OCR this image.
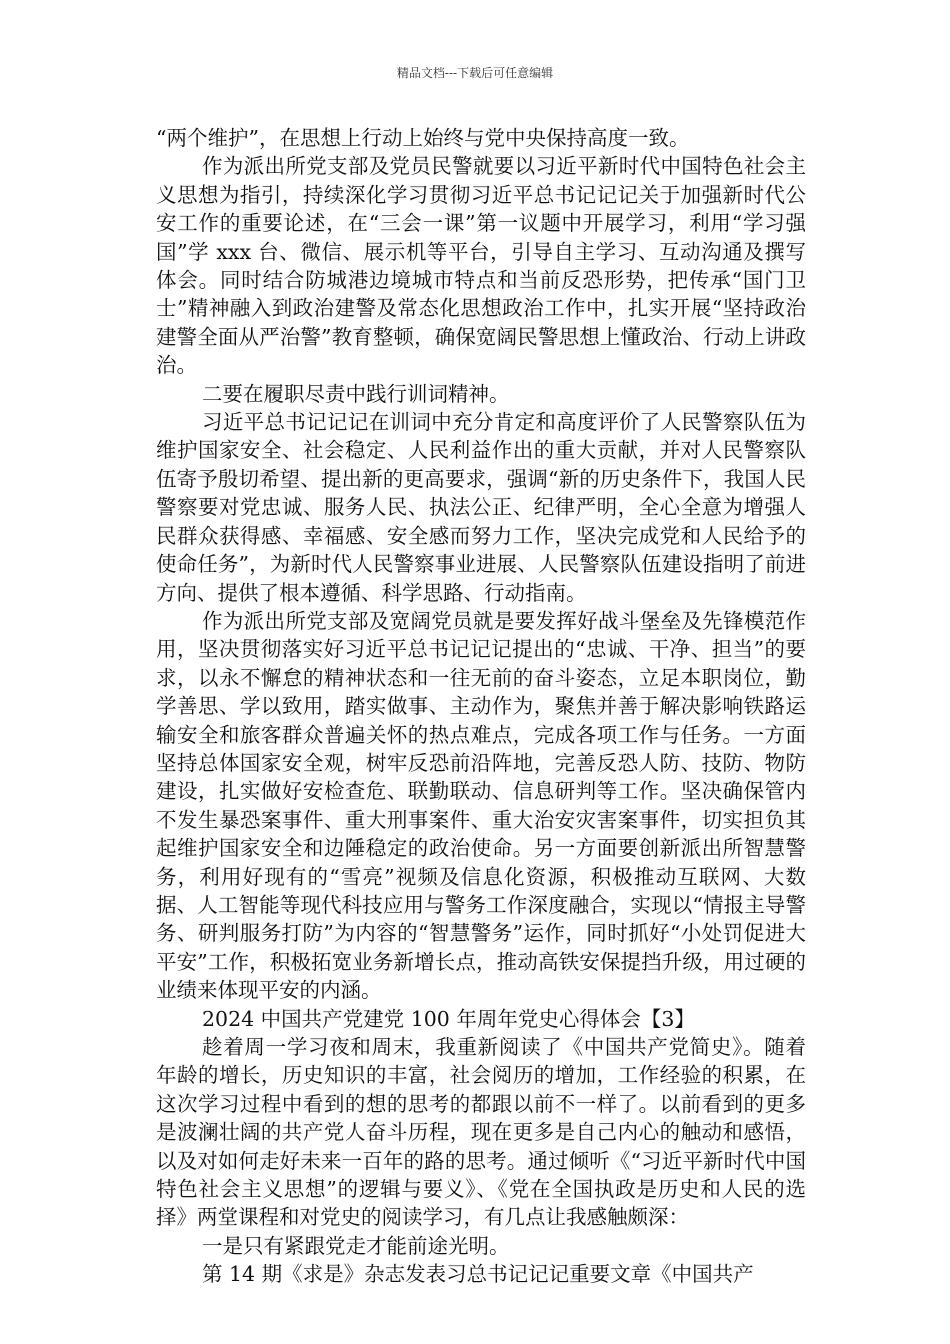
精品文档---下载后可任意编辑

“两个维护”，在思想上行动上始终与党中央保持高度一致。

作为派出所党支部及党员民警就要以习近平新时代中国特色社会主义思想为指引，持续深化学习贯彻习近平总书记记记关于加强新时代公安工作的重要论述，在“三会一课”第一议题中开展学习，利用“学习强国”学 xxx 台、微信、展示机等平台，引导自主学习、互动沟通及撰写体会。同时结合防城港边境城市特点和当前反恐形势，把传承“国门卫士”精神融入到政治建警及常态化思想政治工作中，扎实开展“坚持政治建警全面从严治警”教育整顿，确保宽阔民警思想上懂政治、行动上讲政治。

二要在履职尽责中践行训词精神。

习近平总书记记记在训词中充分肯定和高度评价了人民警察队伍为维护国家安全、社会稳定、人民利益作出的重大贡献，并对人民警察队伍寄予殷切希望、提出新的更高要求，强调“新的历史条件下，我国人民警察要对党忠诚、服务人民、执法公正、纪律严明，全心全意为增强人民群众获得感、幸福感、安全感而努力工作，坚决完成党和人民给予的使命任务”，为新时代人民警察事业进展、人民警察队伍建设指明了前进方向、提供了根本遵循、科学思路、行动指南。

作为派出所党支部及宽阔党员就是要发挥好战斗堡垒及先锋模范作用，坚决贯彻落实好习近平总书记记记提出的“忠诚、干净、担当”的要求，以永不懈怠的精神状态和一往无前的奋斗姿态，立足本职岗位，勤学善思、学以致用，踏实做事、主动作为，聚焦并善于解决影响铁路运输安全和旅客群众普遍关怀的热点难点，完成各项工作与任务。一方面坚持总体国家安全观，树牢反恐前沿阵地，完善反恐人防、技防、物防建设，扎实做好安检查危、联勤联动、信息研判等工作。坚决确保管内不发生暴恐案事件、重大刑事案件、重大治安灾害案事件，切实担负其起维护国家安全和边陲稳定的政治使命。另一方面要创新派出所智慧警务，利用好现有的“雪亮”视频及信息化资源，积极推动互联网、大数据、人工智能等现代科技应用与警务工作深度融合，实现以“情报主导警务、研判服务打防”为内容的“智慧警务”运作，同时抓好“小处罚促进大平安”工作，积极拓宽业务新增长点，推动高铁安保提挡升级，用过硬的业绩来体现平安的内涵。

2024 中国共产党建党 100 年周年党史心得体会【3】

趁着周一学习夜和周末，我重新阅读了《中国共产党简史》。随着年龄的增长，历史知识的丰富，社会阅历的增加，工作经验的积累，在这次学习过程中看到的想的思考的都跟以前不一样了。以前看到的更多是波澜壮阔的共产党人奋斗历程，现在更多是自己内心的触动和感悟，以及对如何走好未来一百年的路的思考。通过倾听《“习近平新时代中国特色社会主义思想”的逻辑与要义》、《党在全国执政是历史和人民的选择》两堂课程和对党史的阅读学习，有几点让我感触颇深：

一是只有紧跟党走才能前途光明。

第 14 期《求是》杂志发表习总书记记记重要文章《中国共产
